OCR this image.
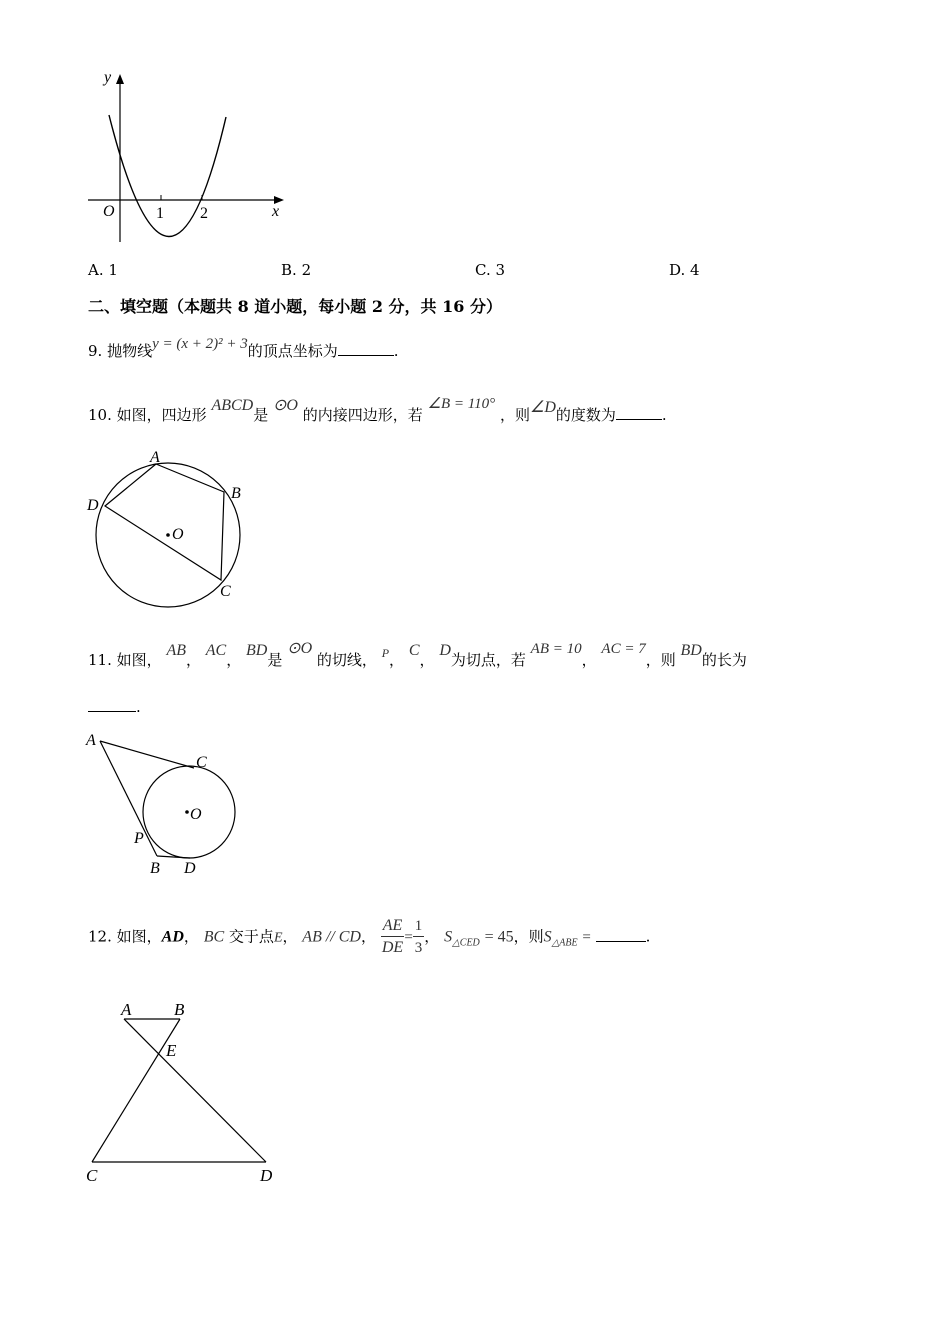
y
x
O	1 2
A. 1	B. 2	C. 3	D. 4
二、填空题（本题共 8 道小题，每小题 2 分，共 16 分）
9. 抛物线y = (x + 2)² + 3的顶点坐标为	.
10. 如图，四边形 ABCD是 ⊙O 的内接四边形，若 ∠B = 110° ，则∠D的度数为	.
A
B
C
D
O
11. 如图， AB， AC， BD是 ⊙O 的切线， $^P$， C， D为切点，若 AB = 10， AC = 7，则 BD的长为
.
A
C
O
P
B D
12. 如图，AD， BC 交于点E， AB // CD， $\frac{AE}{DE} = \frac{1}{3}$ ， $S_{\triangle CED} = 45$，则$S_{\triangle ABE}$ =	.
A	B
E
C	D
